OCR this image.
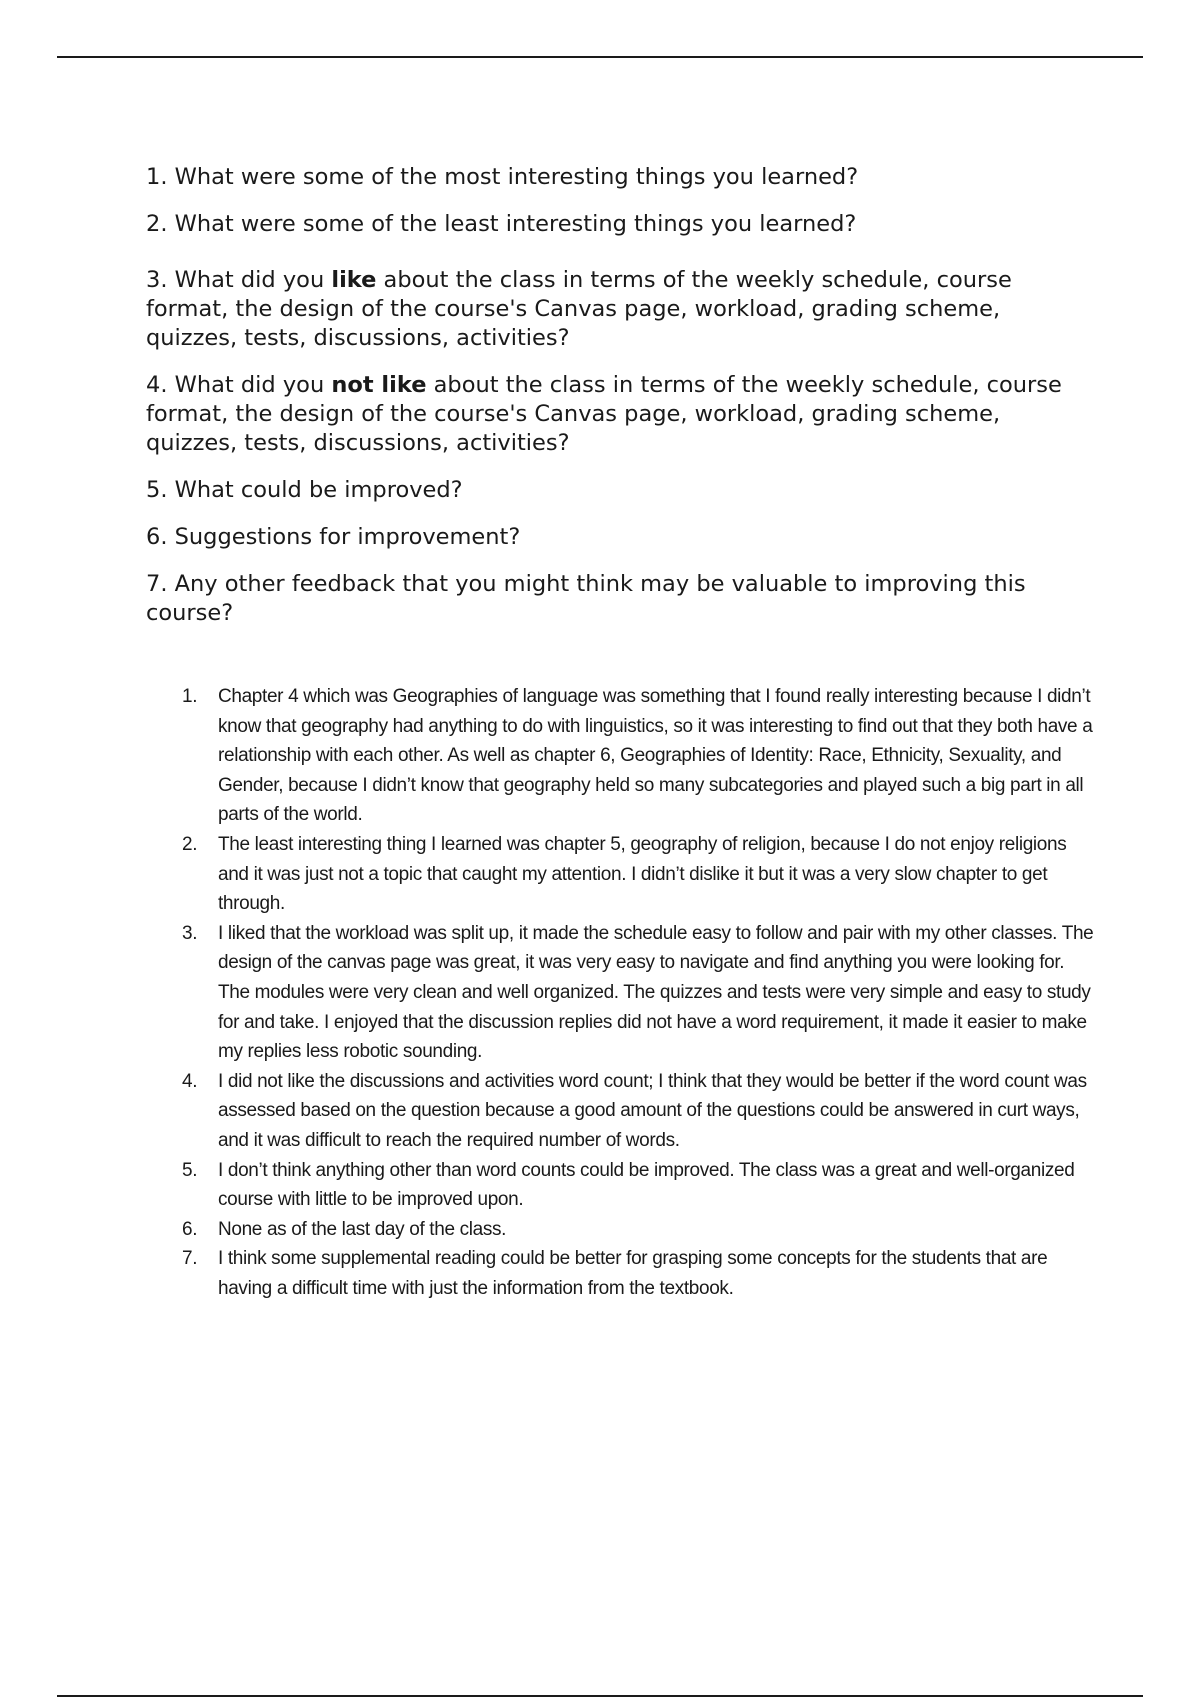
1. What were some of the most interesting things you learned?

2. What were some of the least interesting things you learned?

3. What did you like about the class in terms of the weekly schedule, course format, the design of the course's Canvas page, workload, grading scheme, quizzes, tests, discussions, activities?

4. What did you not like about the class in terms of the weekly schedule, course format, the design of the course's Canvas page, workload, grading scheme, quizzes, tests, discussions, activities?

5. What could be improved?

6. Suggestions for improvement?

7. Any other feedback that you might think may be valuable to improving this course?

1. Chapter 4 which was Geographies of language was something that I found really interesting because I didn’t know that geography had anything to do with linguistics, so it was interesting to find out that they both have a relationship with each other. As well as chapter 6, Geographies of Identity: Race, Ethnicity, Sexuality, and Gender, because I didn’t know that geography held so many subcategories and played such a big part in all parts of the world.
2. The least interesting thing I learned was chapter 5, geography of religion, because I do not enjoy religions and it was just not a topic that caught my attention. I didn’t dislike it but it was a very slow chapter to get through.
3. I liked that the workload was split up, it made the schedule easy to follow and pair with my other classes. The design of the canvas page was great, it was very easy to navigate and find anything you were looking for. The modules were very clean and well organized. The quizzes and tests were very simple and easy to study for and take. I enjoyed that the discussion replies did not have a word requirement, it made it easier to make my replies less robotic sounding.
4. I did not like the discussions and activities word count; I think that they would be better if the word count was assessed based on the question because a good amount of the questions could be answered in curt ways, and it was difficult to reach the required number of words.
5. I don’t think anything other than word counts could be improved. The class was a great and well-organized course with little to be improved upon.
6. None as of the last day of the class.
7. I think some supplemental reading could be better for grasping some concepts for the students that are having a difficult time with just the information from the textbook.
